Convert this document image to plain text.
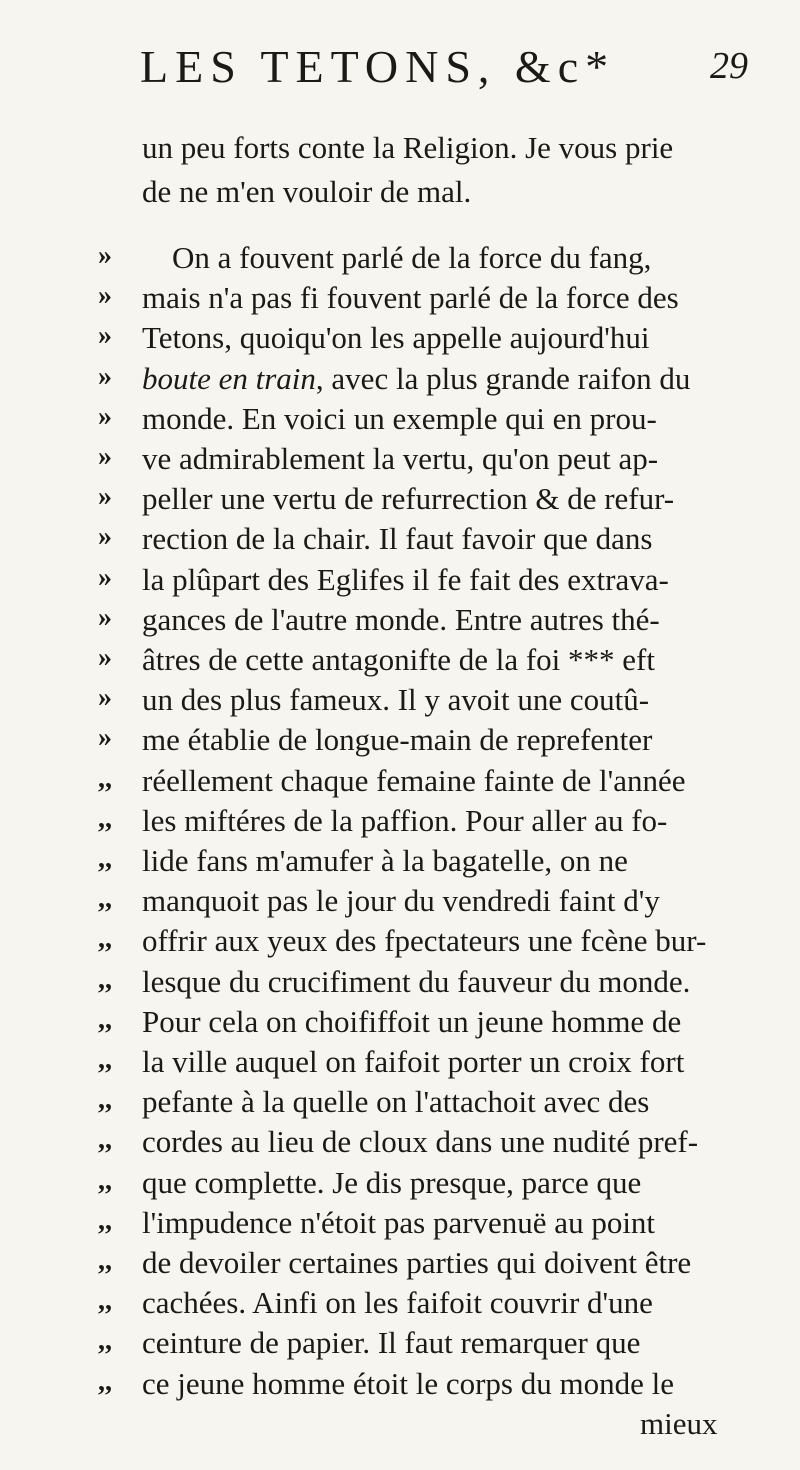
LES TETONS, &c* 29
un peu forts conte la Religion. Je vous prie
de ne m'en vouloir de mal.
»	On a fouvent parlé de la force du fang,
» mais n'a pas fi fouvent parlé de la force des
» Tetons, quoiqu'on les appelle aujourd'hui
» boute en train, avec la plus grande raifon du
» monde. En voici un exemple qui en prou-
» ve admirablement la vertu, qu'on peut ap-
» peller une vertu de refurrection & de refur-
» rection de la chair. Il faut favoir que dans
» la plûpart des Eglifes il fe fait des extrava-
» gances de l'autre monde. Entre autres thé-
» âtres de cette antagonifte de la foi *** eft
» un des plus fameux. Il y avoit une coutû-
» me établie de longue-main de reprefenter
,, réellement chaque femaine fainte de l'année
,, les miftéres de la paffion. Pour aller au fo-
,, lide fans m'amufer à la bagatelle, on ne
,, manquoit pas le jour du vendredi faint d'y
,, offrir aux yeux des fpectateurs une fcène bur-
,, lesque du crucifiment du fauveur du monde.
,, Pour cela on choififfoit un jeune homme de
,, la ville auquel on faifoit porter un croix fort
,, pefante à la quelle on l'attachoit avec des
,, cordes au lieu de cloux dans une nudité pref-
,, que complette. Je dis presque, parce que
,, l'impudence n'étoit pas parvenuë au point
,, de devoiler certaines parties qui doivent être
,, cachées. Ainfi on les faifoit couvrir d'une
,, ceinture de papier. Il faut remarquer que
,, ce jeune homme étoit le corps du monde le
mieux
